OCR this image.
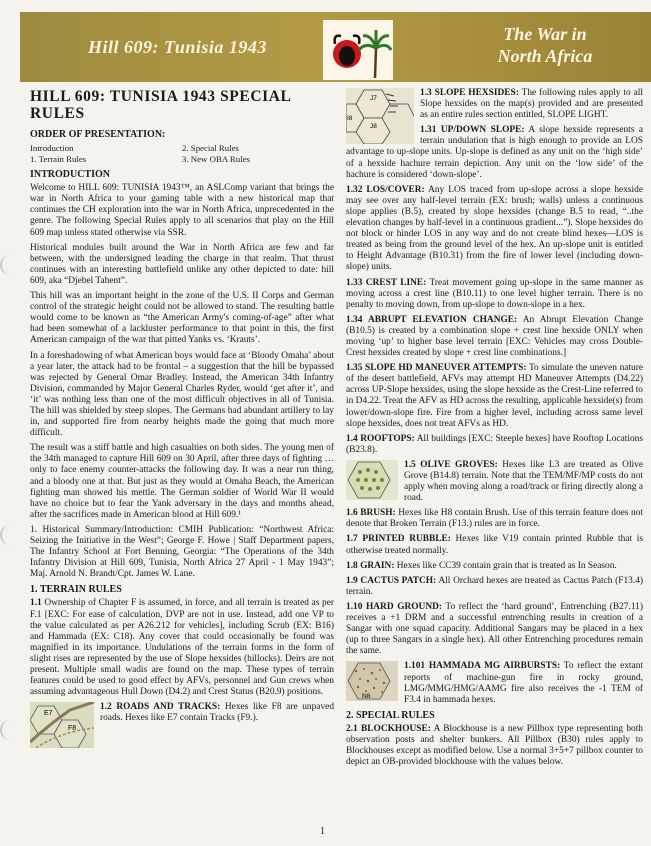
Hill 609: Tunisia 1943
The War in
North Africa
HILL 609: TUNISIA 1943 SPECIAL RULES
ORDER OF PRESENTATION:
Introduction
1. Terrain Rules
2. Special Rules
3. New OBA Rules
INTRODUCTION

Welcome to HILL 609: TUNISIA 1943™, an ASLComp variant that brings the war in North Africa to your gaming table with a new historical map that continues the CH exploration into the war in North Africa, unprecedented in the genre. The following Special Rules apply to all scenarios that play on the Hill 609 map unless stated otherwise via SSR.

Historical modules built around the War in North Africa are few and far between, with the undersigned leading the charge in that realm. That thrust continues with an interesting battlefield unlike any other depicted to date: hill 609, aka “Djebel Tahent”.

This hill was an important height in the zone of the U.S. II Corps and German control of the strategic height could not be allowed to stand. The resulting battle would come to be known as “the American Army's coming-of-age” after what had been somewhat of a lackluster performance to that point in this, the first American campaign of the war that pitted Yanks vs. ‘Krauts’.

In a foreshadowing of what American boys would face at ‘Bloody Omaha’ about a year later, the attack had to be frontal – a suggestion that the hill be bypassed was rejected by General Omar Bradley. Instead, the American 34th Infantry Division, commanded by Major General Charles Ryder, would ‘get after it’, and ‘it’ was nothing less than one of the most difficult objectives in all of Tunisia. The hill was shielded by steep slopes. The Germans had abundant artillery to lay in, and supported fire from nearby heights made the going that much more difficult.

The result was a stiff battle and high casualties on both sides. The young men of the 34th managed to capture Hill 609 on 30 April, after three days of fighting … only to face enemy counter-attacks the following day. It was a near run thing, and a bloody one at that. But just as they would at Omaha Beach, the American fighting man showed his mettle. The German soldier of World War II would have no choice but to fear the Yank adversary in the days and months ahead, after the sacrifices made in American blood at Hill 609.¹

1. Historical Summary/Introduction: CMIH Publication: “Northwest Africa: Seizing the Initiative in the West”; George F. Howe | Staff Department papers, The Infantry School at Fort Benning, Georgia: “The Operations of the 34th Infantry Division at Hill 609, Tunisia, North Africa 27 April - 1 May 1943”; Maj. Arnold N. Brandt/Cpt. James W. Lane.

1. TERRAIN RULES

1.1 Ownership of Chapter F is assumed, in force, and all terrain is treated as per F.1 [EXC: For ease of calculation, DVP are not in use. Instead, add one VP to the value calculated as per A26.212 for vehicles], including Scrub (EX: B16) and Hammada (EX: C18). Any cover that could occasionally be found was magnified in its importance. Undulations of the terrain forms in the form of slight rises are represented by the use of Slope hexsides (hillocks). Deirs are not present. Multiple small wadis are found on the map. These types of terrain features could be used to good effect by AFVs, personnel and Gun crews when assuming advantageous Hull Down (D4.2) and Crest Status (B20.9) positions.

E7
F8
1.2 ROADS AND TRACKS: Hexes like F8 are unpaved roads. Hexes like E7 contain Tracks (F9.).

J7
I8
J8
1.3 SLOPE HEXSIDES: The following rules apply to all Slope hexsides on the map(s) provided and are presented as an entire rules section entitled, SLOPE LIGHT.

1.31 UP/DOWN SLOPE: A slope hexside represents a terrain undulation that is high enough to provide an LOS advantage to up-slope units. Up-slope is defined as any unit on the ‘high side’ of a hexside hachure terrain depiction. Any unit on the ‘low side’ of the hachure is considered ‘down-slope’.

1.32 LOS/COVER: Any LOS traced from up-slope across a slope hexside may see over any half-level terrain (EX: brush; walls) unless a continuous slope applies (B.5), created by slope hexsides (change B.5 to read, “..the elevation changes by half-level in a continuous gradient...”). Slope hexsides do not block or hinder LOS in any way and do not create blind hexes—LOS is treated as being from the ground level of the hex. An up-slope unit is entitled to Height Advantage (B10.31) from the fire of lower level (including down-slope) units.

1.33 CREST LINE: Treat movement going up-slope in the same manner as moving across a crest line (B10.11) to one level higher terrain. There is no penalty to moving down, from up-slope to down-slope in a hex.

1.34 ABRUPT ELEVATION CHANGE: An Abrupt Elevation Change (B10.5) is created by a combination slope + crest line hexside ONLY when moving ‘up’ to higher base level terrain [EXC: Vehicles may cross Double-Crest hexsides created by slope + crest line combinations.]

1.35 SLOPE HD MANEUVER ATTEMPTS: To simulate the uneven nature of the desert battlefield, AFVs may attempt HD Maneuver Attempts (D4.22) across UP-Slope hexsides, using the slope hexside as the Crest-Line referred to in D4.22. Treat the AFV as HD across the resulting, applicable hexside(s) from lower/down-slope fire. Fire from a higher level, including across same level slope hexsides, does not treat AFVs as HD.

1.4 ROOFTOPS: All buildings [EXC: Steeple hexes] have Rooftop Locations (B23.8).

1.5 OLIVE GROVES: Hexes like L3 are treated as Olive Grove (B14.8) terrain. Note that the TEM/MF/MP costs do not apply when moving along a road/track or firing directly along a road.

1.6 BRUSH: Hexes like H8 contain Brush. Use of this terrain feature does not denote that Broken Terrain (F13.) rules are in force.

1.7 PRINTED RUBBLE: Hexes like V19 contain printed Rubble that is otherwise treated normally.

1.8 GRAIN: Hexes like CC39 contain grain that is treated as In Season.

1.9 CACTUS PATCH: All Orchard hexes are treated as Cactus Patch (F13.4) terrain.

1.10 HARD GROUND: To reflect the ‘hard ground’, Entrenching (B27.11) receives a +1 DRM and a successful entrenching results in creation of a Sangar with one squad capacity. Additional Sangars may be placed in a hex (up to three Sangars in a single hex). All other Entrenching procedures remain the same.

N8
1.101 HAMMADA MG AIRBURSTS: To reflect the extant reports of machine-gun fire in rocky ground, LMG/MMG/HMG/AAMG fire also receives the -1 TEM of F3.4 in hammada hexes.

2. SPECIAL RULES

2.1 BLOCKHOUSE: A Blockhouse is a new Pillbox type representing both observation posts and shelter bunkers. All Pillbox (B30) rules apply to Blockhouses except as modified below. Use a normal 3+5+7 pillbox counter to depict an OB-provided blockhouse with the values below.

1
